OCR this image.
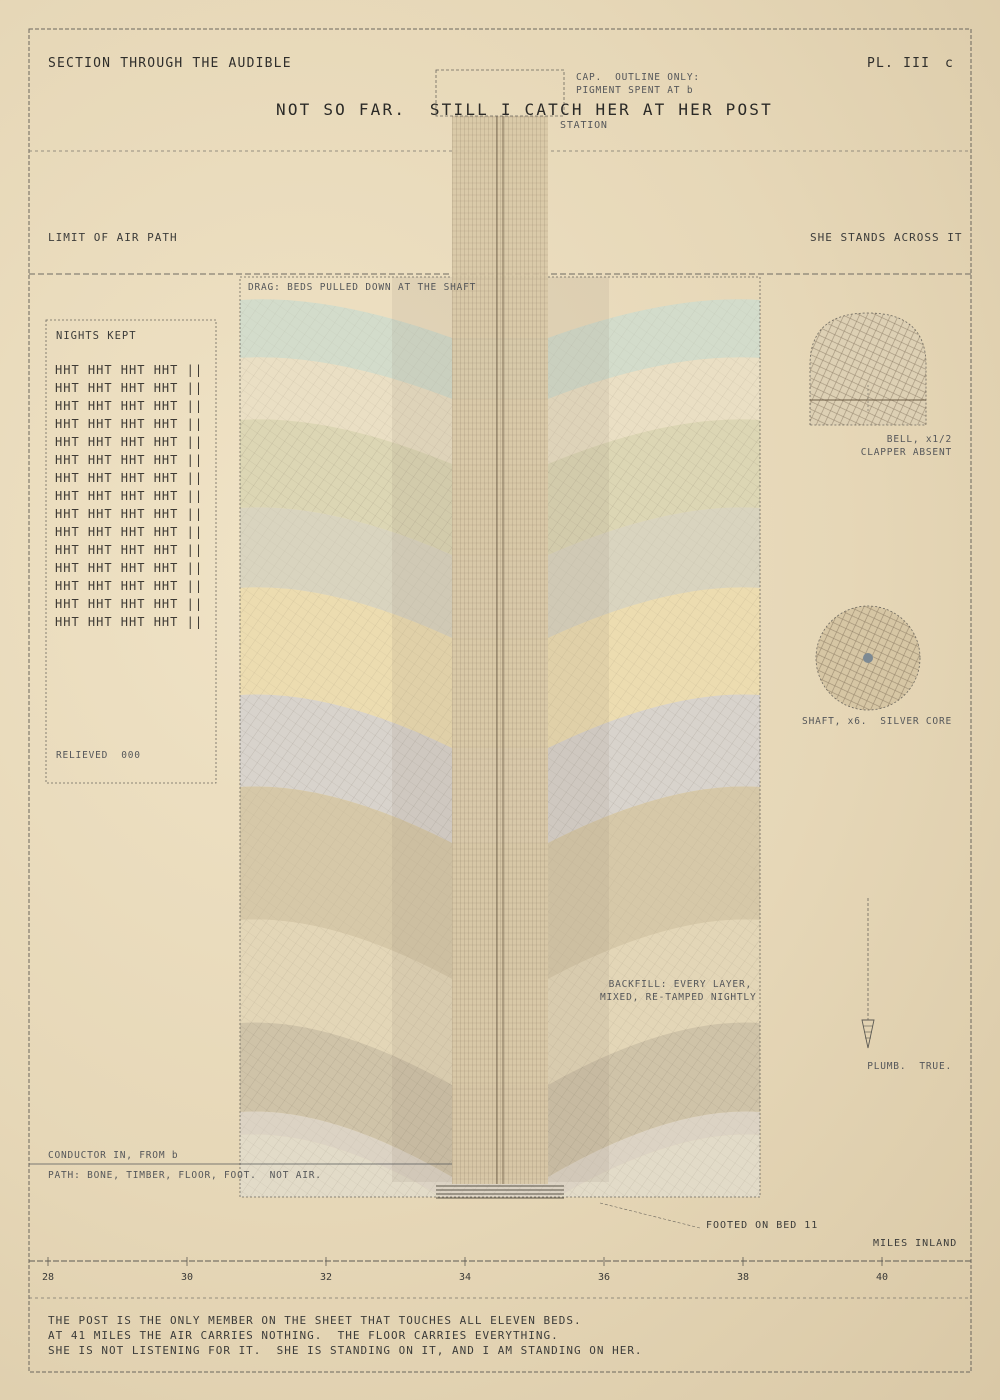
SECTION THROUGH THE AUDIBLE	PL. III c
CAP.  OUTLINE ONLY:
PIGMENT SPENT AT b
NOT SO FAR.  STILL I CATCH HER AT HER POST
STATION
LIMIT OF AIR PATH	SHE STANDS ACROSS IT
DRAG: BEDS PULLED DOWN AT THE SHAFT
BACKFILL: EVERY LAYER,
MIXED, RE-TAMPED NIGHTLY
FOOTED ON BED 11
NIGHTS KEPT
HHT HHT HHT HHT ||
HHT HHT HHT HHT ||
HHT HHT HHT HHT ||
HHT HHT HHT HHT ||
HHT HHT HHT HHT ||
HHT HHT HHT HHT ||
HHT HHT HHT HHT ||
HHT HHT HHT HHT ||
HHT HHT HHT HHT ||
HHT HHT HHT HHT ||
HHT HHT HHT HHT ||
HHT HHT HHT HHT ||
HHT HHT HHT HHT ||
HHT HHT HHT HHT ||
HHT HHT HHT HHT ||
RELIEVED  000
BELL, x1/2
CLAPPER ABSENT
SHAFT, x6.  SILVER CORE
PLUMB.  TRUE.
CONDUCTOR IN, FROM b
PATH: BONE, TIMBER, FLOOR, FOOT.  NOT AIR.
MILES INLAND
28	30	32	34	36	38	40
THE POST IS THE ONLY MEMBER ON THE SHEET THAT TOUCHES ALL ELEVEN BEDS.
AT 41 MILES THE AIR CARRIES NOTHING.  THE FLOOR CARRIES EVERYTHING.
SHE IS NOT LISTENING FOR IT.  SHE IS STANDING ON IT, AND I AM STANDING ON HER.
